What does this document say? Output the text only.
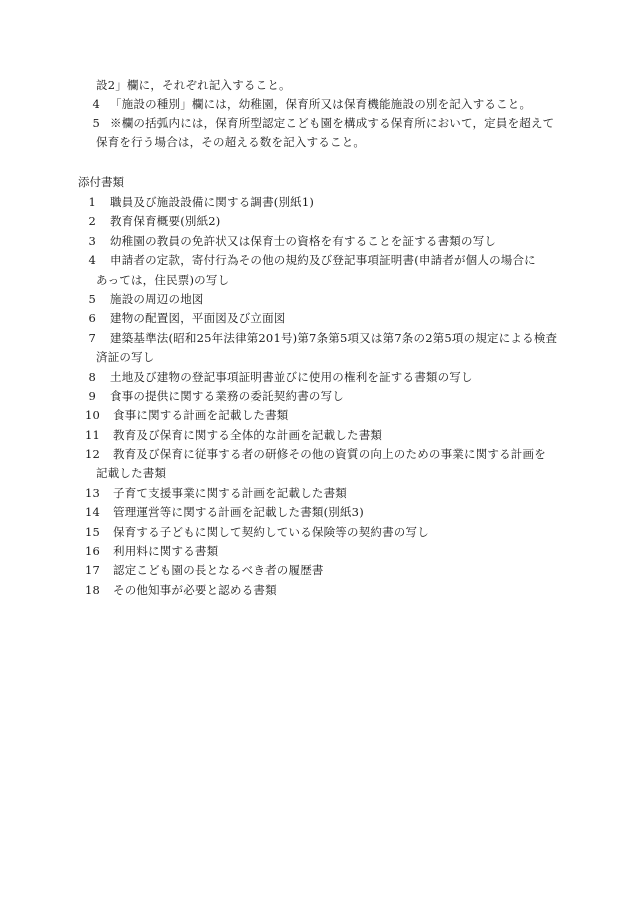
設2」欄に，それぞれ記入すること。
4 「施設の種別」欄には，幼稚園，保育所又は保育機能施設の別を記入すること。
5 ※欄の括弧内には，保育所型認定こども園を構成する保育所において，定員を超えて
保育を行う場合は，その超える数を記入すること。
添付書類
1 職員及び施設設備に関する調書(別紙1)
2 教育保育概要(別紙2)
3 幼稚園の教員の免許状又は保育士の資格を有することを証する書類の写し
4 申請者の定款，寄付行為その他の規約及び登記事項証明書(申請者が個人の場合に
あっては，住民票)の写し
5 施設の周辺の地図
6 建物の配置図，平面図及び立面図
7 建築基準法(昭和25年法律第201号)第7条第5項又は第7条の2第5項の規定による検査
済証の写し
8 土地及び建物の登記事項証明書並びに使用の権利を証する書類の写し
9 食事の提供に関する業務の委託契約書の写し
10 食事に関する計画を記載した書類
11 教育及び保育に関する全体的な計画を記載した書類
12 教育及び保育に従事する者の研修その他の資質の向上のための事業に関する計画を
記載した書類
13 子育て支援事業に関する計画を記載した書類
14 管理運営等に関する計画を記載した書類(別紙3)
15 保育する子どもに関して契約している保険等の契約書の写し
16 利用料に関する書類
17 認定こども園の長となるべき者の履歴書
18 その他知事が必要と認める書類
